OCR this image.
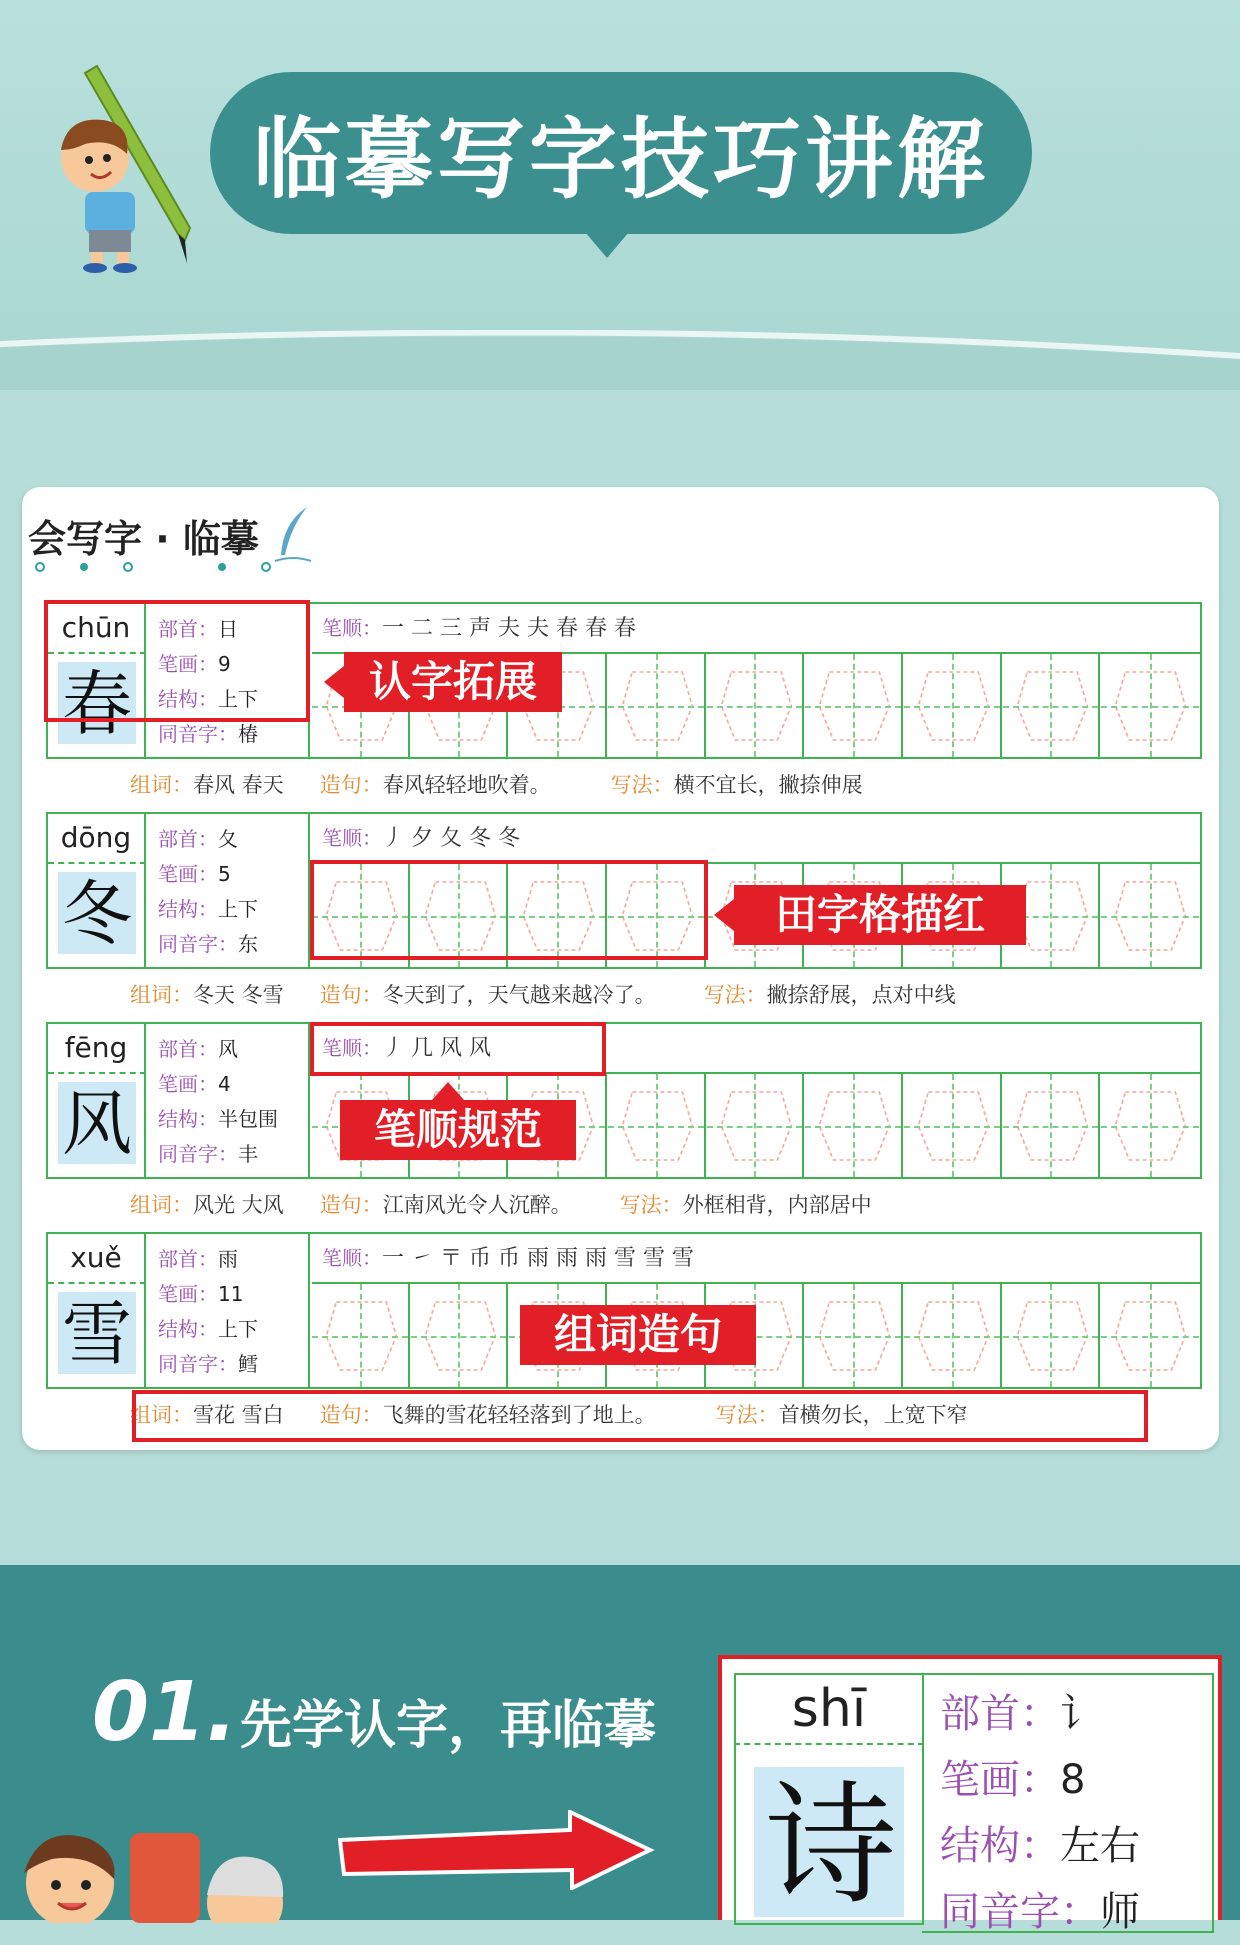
临摹写字技巧讲解
会写字 · 临摹
chūn
春
部首：日
笔画：9
结构：上下
同音字：椿
笔顺：一 二 三 声 夫 夫 春 春 春
组词：春风 春天 造句：春风轻轻地吹着。	写法：横不宜长，撇捺伸展
dōng
冬
部首：夂
笔画：5
结构：上下
同音字：东
笔顺：丿 夕 夂 冬 冬
组词：冬天 冬雪 造句：冬天到了，天气越来越冷了。 写法：撇捺舒展，点对中线
fēng
风
部首：风
笔画：4
结构：半包围
同音字：丰
笔顺：丿 几 风 风
组词：风光 大风 造句：江南风光令人沉醉。 写法：外框相背，内部居中
xuě
雪
部首：雨
笔画：11
结构：上下
同音字：鳕
笔顺：一 ㇀ 〒 币 币 雨 雨 雨 雪 雪 雪
组词：雪花 雪白 造句：飞舞的雪花轻轻落到了地上。	写法：首横勿长，上宽下窄
认字拓展
田字格描红
笔顺规范
组词造句
01. 先学认字，再临摹	shī
诗
部首：讠
笔画：8
结构：左右
同音字：师
